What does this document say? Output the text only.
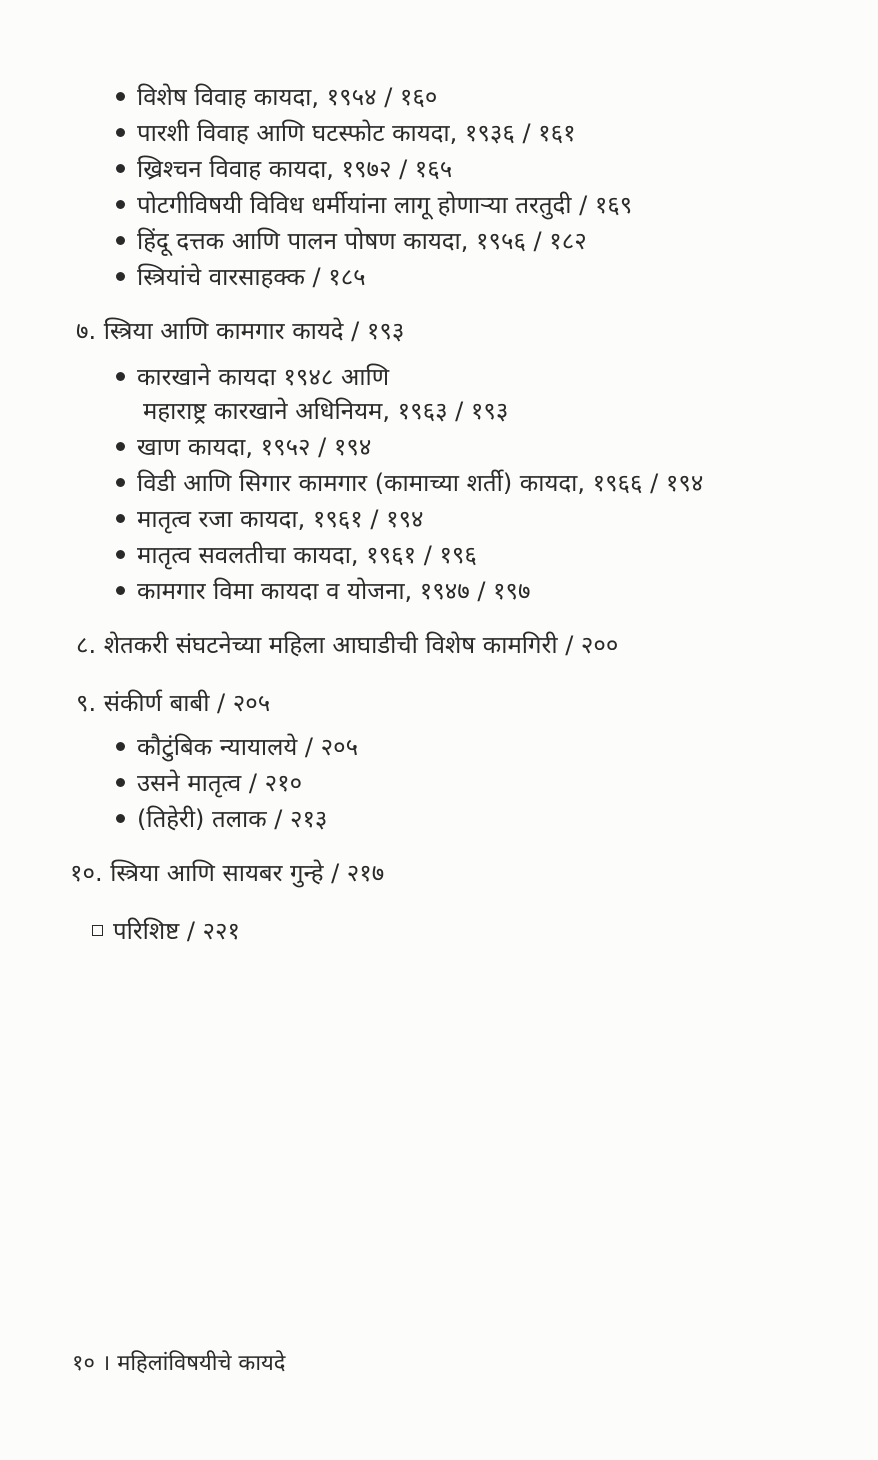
विशेष विवाह कायदा, १९५४ / १६०
पारशी विवाह आणि घटस्फोट कायदा, १९३६ / १६१
ख्रिश्चन विवाह कायदा, १९७२ / १६५
पोटगीविषयी विविध धर्मीयांना लागू होणाऱ्या तरतुदी / १६९
हिंदू दत्तक आणि पालन पोषण कायदा, १९५६ / १८२
स्त्रियांचे वारसाहक्क / १८५
७. स्त्रिया आणि कामगार कायदे / १९३
कारखाने कायदा १९४८ आणि
महाराष्ट्र कारखाने अधिनियम, १९६३ / १९३
खाण कायदा, १९५२ / १९४
विडी आणि सिगार कामगार (कामाच्या शर्ती) कायदा, १९६६ / १९४
मातृत्व रजा कायदा, १९६१ / १९४
मातृत्व सवलतीचा कायदा, १९६१ / १९६
कामगार विमा कायदा व योजना, १९४७ / १९७
८. शेतकरी संघटनेच्या महिला आघाडीची विशेष कामगिरी / २००
९. संकीर्ण बाबी / २०५
कौटुंबिक न्यायालये / २०५
उसने मातृत्व / २१०
(तिहेरी) तलाक / २१३
१०. स्त्रिया आणि सायबर गुन्हे / २१७
परिशिष्ट / २२१
१० । महिलांविषयीचे कायदे
